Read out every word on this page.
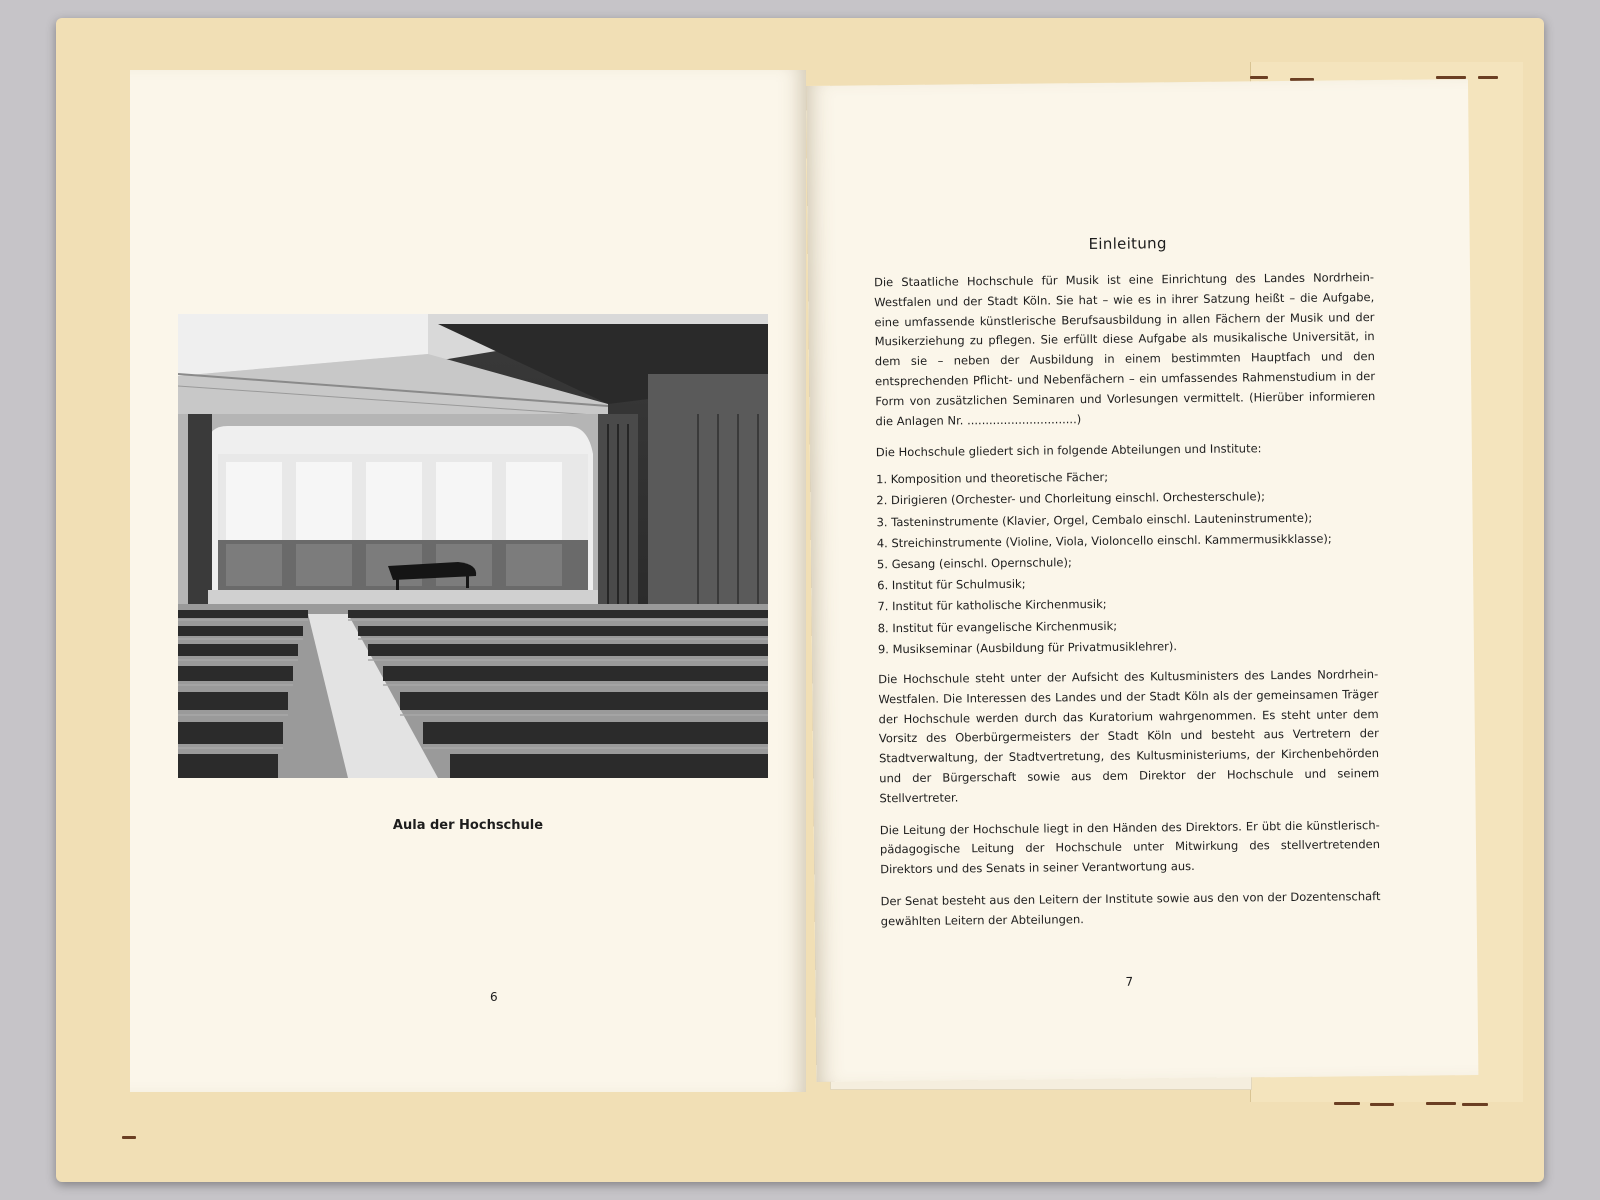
Aula der Hochschule
6
Einleitung

Die Staatliche Hochschule für Musik ist eine Einrichtung des Landes Nordrhein-Westfalen und der Stadt Köln. Sie hat – wie es in ihrer Satzung heißt – die Aufgabe, eine umfassende künstlerische Berufsausbildung in allen Fächern der Musik und der Musikerziehung zu pflegen. Sie erfüllt diese Aufgabe als musikalische Universität, in dem sie – neben der Ausbildung in einem bestimmten Hauptfach und den entsprechenden Pflicht- und Nebenfächern – ein umfassendes Rahmenstudium in der Form von zusätzlichen Seminaren und Vorlesungen vermittelt. (Hierüber informieren die Anlagen Nr. ..............................)

Die Hochschule gliedert sich in folgende Abteilungen und Institute:

1. Komposition und theoretische Fächer;
2. Dirigieren (Orchester- und Chorleitung einschl. Orchesterschule);
3. Tasteninstrumente (Klavier, Orgel, Cembalo einschl. Lauteninstrumente);
4. Streichinstrumente (Violine, Viola, Violoncello einschl. Kammermusikklasse);
5. Gesang (einschl. Opernschule);
6. Institut für Schulmusik;
7. Institut für katholische Kirchenmusik;
8. Institut für evangelische Kirchenmusik;
9. Musikseminar (Ausbildung für Privatmusiklehrer).

Die Hochschule steht unter der Aufsicht des Kultusministers des Landes Nordrhein-Westfalen. Die Interessen des Landes und der Stadt Köln als der gemeinsamen Träger der Hochschule werden durch das Kuratorium wahrgenommen. Es steht unter dem Vorsitz des Oberbürgermeisters der Stadt Köln und besteht aus Vertretern der Stadtverwaltung, der Stadtvertretung, des Kultusministeriums, der Kirchenbehörden und der Bürgerschaft sowie aus dem Direktor der Hochschule und seinem Stellvertreter.

Die Leitung der Hochschule liegt in den Händen des Direktors. Er übt die künstlerisch-pädagogische Leitung der Hochschule unter Mitwirkung des stellvertretenden Direktors und des Senats in seiner Verantwortung aus.

Der Senat besteht aus den Leitern der Institute sowie aus den von der Dozentenschaft gewählten Leitern der Abteilungen.

7
